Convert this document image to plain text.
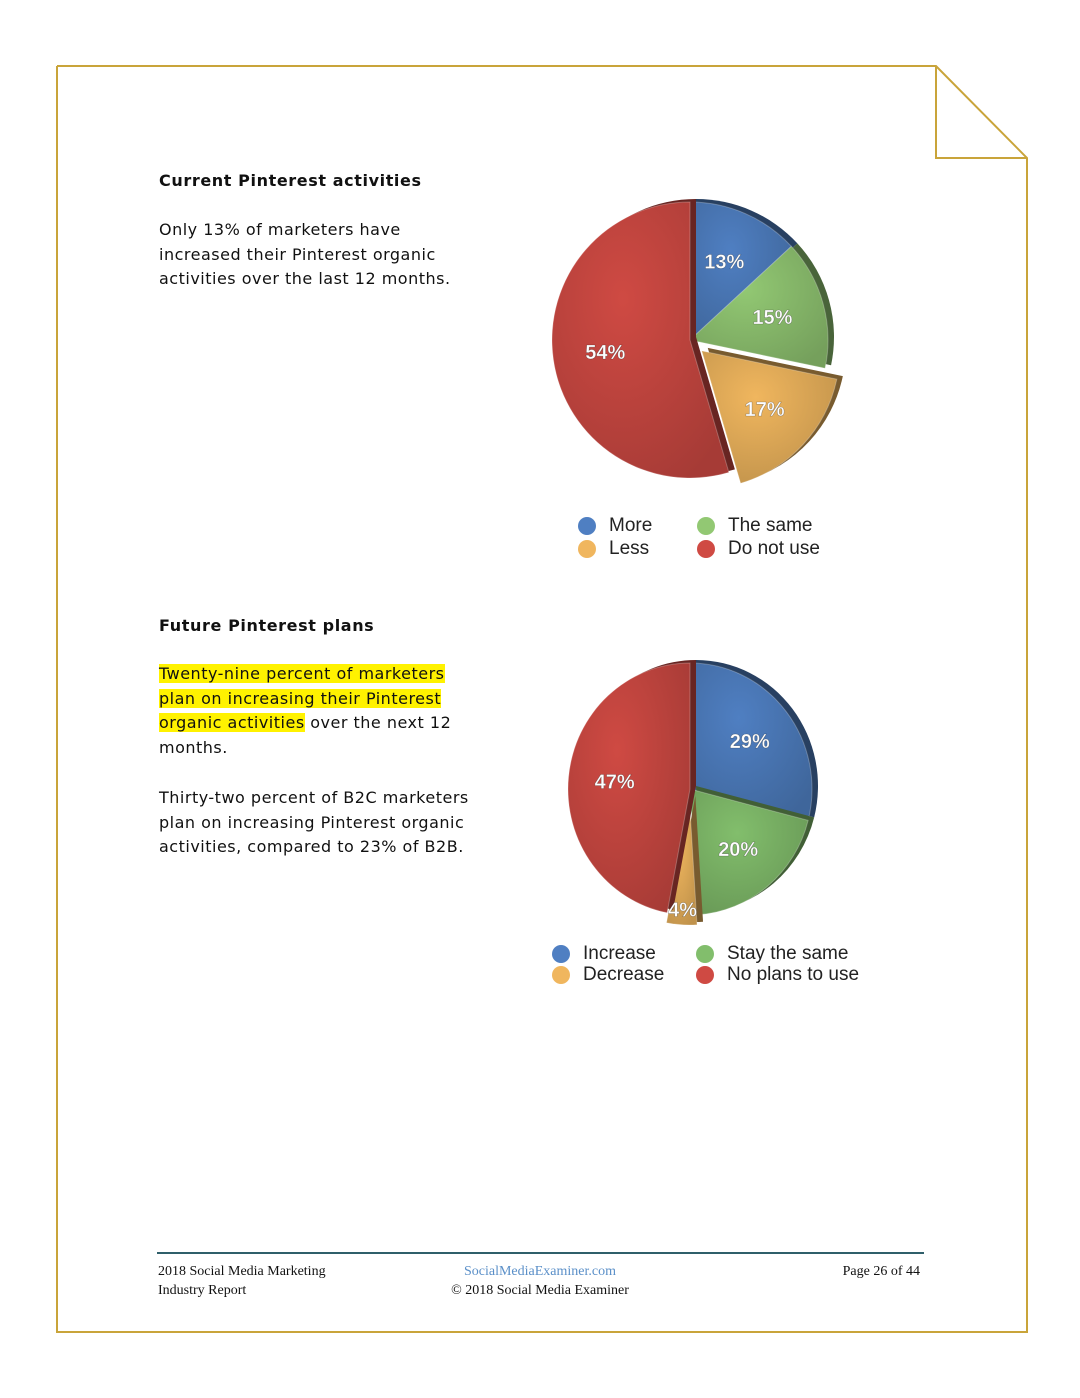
Current Pinterest activities

Only 13% of marketers have increased their Pinterest organic activities over the last 12 months.

13%
15%
17%
54%
More	The same
Less	Do not use
Future Pinterest plans

Twenty-nine percent of marketers plan on increasing their Pinterest organic activities over the next 12 months.

Thirty-two percent of B2C marketers plan on increasing Pinterest organic activities, compared to 23% of B2B.

29%
20%
4%
47%
Increase	Stay the same
Decrease	No plans to use
2018 Social Media Marketing
Industry Report
SocialMediaExaminer.com
© 2018 Social Media Examiner
Page 26 of 44
